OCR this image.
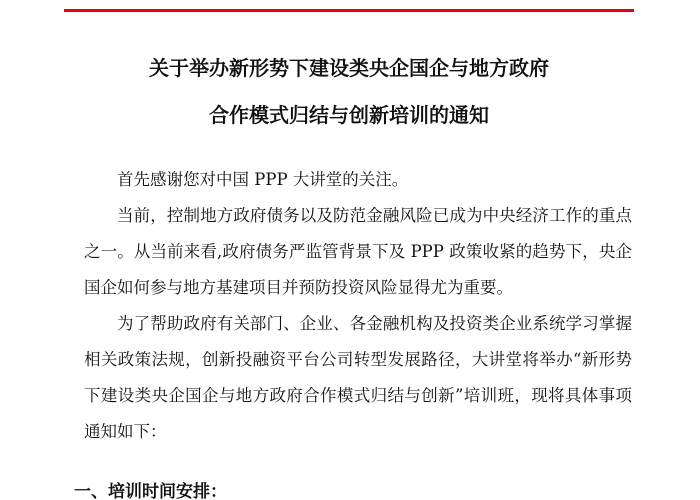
关于举办新形势下建设类央企国企与地方政府
合作模式归结与创新培训的通知

首先感谢您对中国 PPP 大讲堂的关注。

当前，控制地方政府债务以及防范金融风险已成为中央经济工作的重点之一。从当前来看,政府债务严监管背景下及 PPP 政策收紧的趋势下，央企国企如何参与地方基建项目并预防投资风险显得尤为重要。

为了帮助政府有关部门、企业、各金融机构及投资类企业系统学习掌握相关政策法规，创新投融资平台公司转型发展路径，大讲堂将举办“新形势下建设类央企国企与地方政府合作模式归结与创新”培训班，现将具体事项通知如下：

一、培训时间安排：
